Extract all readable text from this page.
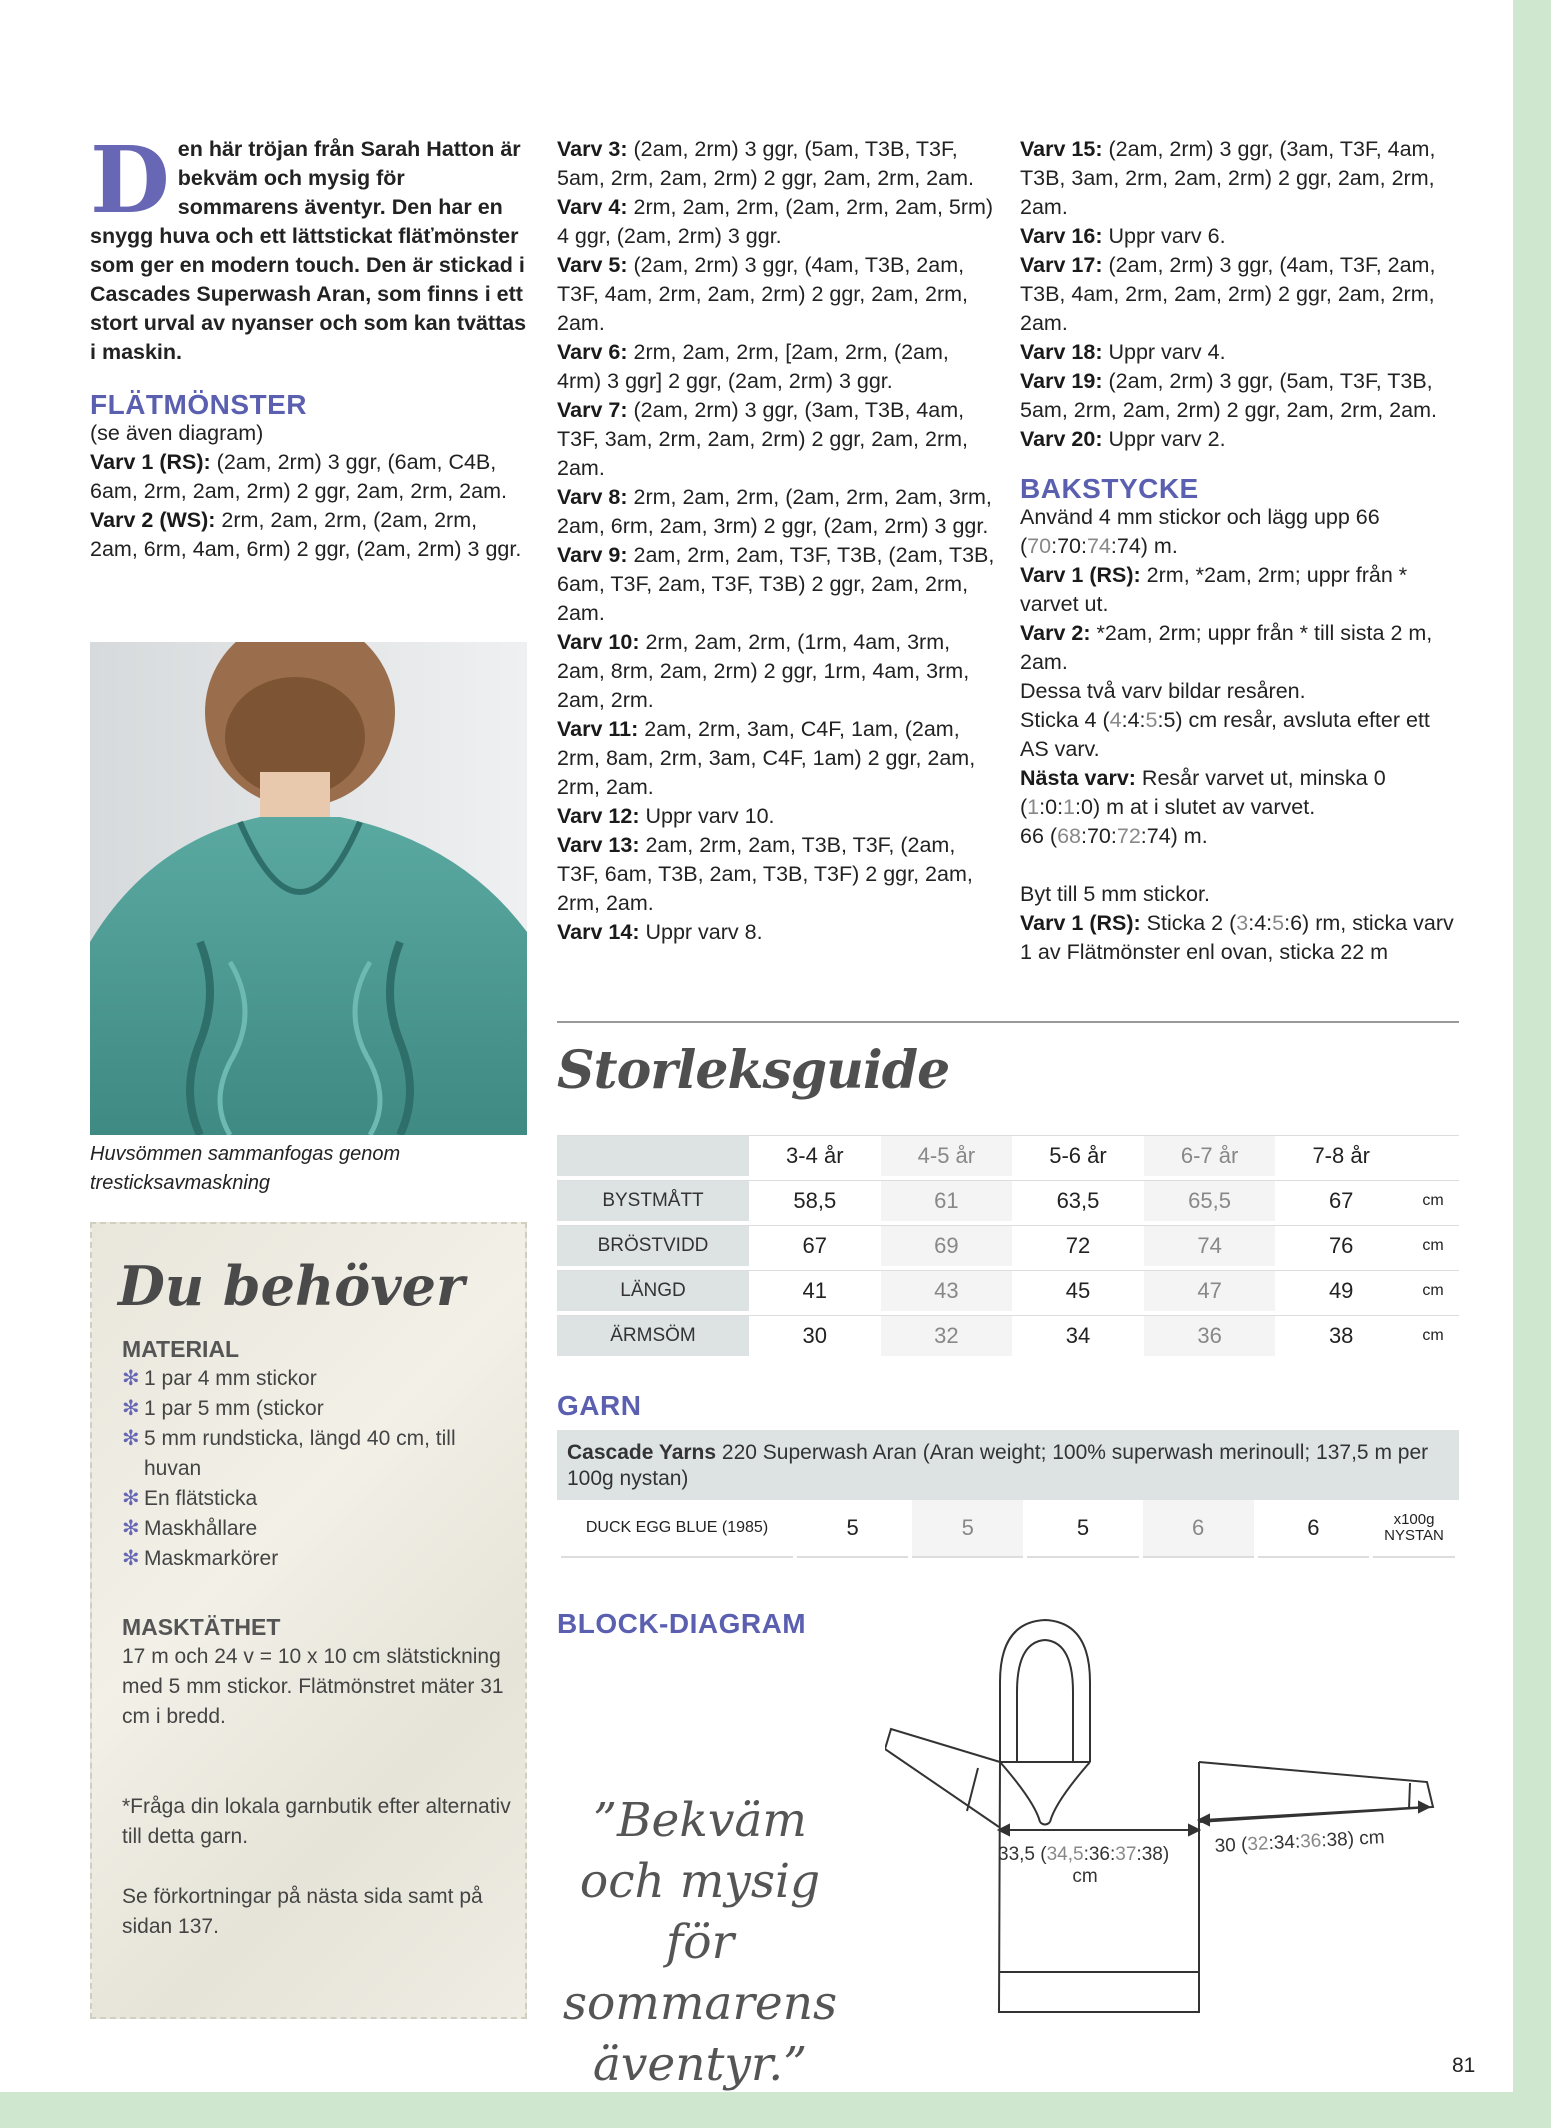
Den här tröjan från Sarah Hatton är bekväm och mysig för sommarens äventyr. Den har en snygg huva och ett lättstickat fläťmönster som ger en modern touch. Den är stickad i Cascades Superwash Aran, som finns i ett stort urval av nyanser och som kan tvättas i maskin.
FLÄTMÖNSTER
(se även diagram)
Varv 1 (RS): (2am, 2rm) 3 ggr, (6am, C4B, 6am, 2rm, 2am, 2rm) 2 ggr, 2am, 2rm, 2am.
Varv 2 (WS): 2rm, 2am, 2rm, (2am, 2rm, 2am, 6rm, 4am, 6rm) 2 ggr, (2am, 2rm) 3 ggr.
Huvsömmen sammanfogas genom tresticksavmaskning
Du behöver
MATERIAL
✻ 1 par 4 mm stickor
✻ 1 par 5 mm (stickor
✻ 5 mm rundsticka, längd 40 cm, till huvan
✻ En flätsticka
✻ Maskhållare
✻ Maskmarkörer
MASKTÄTHET
17 m och 24 v = 10 x 10 cm slätstickning med 5 mm stickor. Flätmönstret mäter 31 cm i bredd.
*Fråga din lokala garnbutik efter alternativ till detta garn.
Se förkortningar på nästa sida samt på sidan 137.
Varv 3: (2am, 2rm) 3 ggr, (5am, T3B, T3F, 5am, 2rm, 2am, 2rm) 2 ggr, 2am, 2rm, 2am.
Varv 4: 2rm, 2am, 2rm, (2am, 2rm, 2am, 5rm) 4 ggr, (2am, 2rm) 3 ggr.
Varv 5: (2am, 2rm) 3 ggr, (4am, T3B, 2am, T3F, 4am, 2rm, 2am, 2rm) 2 ggr, 2am, 2rm, 2am.
Varv 6: 2rm, 2am, 2rm, [2am, 2rm, (2am, 4rm) 3 ggr] 2 ggr, (2am, 2rm) 3 ggr.
Varv 7: (2am, 2rm) 3 ggr, (3am, T3B, 4am, T3F, 3am, 2rm, 2am, 2rm) 2 ggr, 2am, 2rm, 2am.
Varv 8: 2rm, 2am, 2rm, (2am, 2rm, 2am, 3rm, 2am, 6rm, 2am, 3rm) 2 ggr, (2am, 2rm) 3 ggr.
Varv 9: 2am, 2rm, 2am, T3F, T3B, (2am, T3B, 6am, T3F, 2am, T3F, T3B) 2 ggr, 2am, 2rm, 2am.
Varv 10: 2rm, 2am, 2rm, (1rm, 4am, 3rm, 2am, 8rm, 2am, 2rm) 2 ggr, 1rm, 4am, 3rm, 2am, 2rm.
Varv 11: 2am, 2rm, 3am, C4F, 1am, (2am, 2rm, 8am, 2rm, 3am, C4F, 1am) 2 ggr, 2am, 2rm, 2am.
Varv 12: Uppr varv 10.
Varv 13: 2am, 2rm, 2am, T3B, T3F, (2am, T3F, 6am, T3B, 2am, T3B, T3F) 2 ggr, 2am, 2rm, 2am.
Varv 14: Uppr varv 8.
Varv 15: (2am, 2rm) 3 ggr, (3am, T3F, 4am, T3B, 3am, 2rm, 2am, 2rm) 2 ggr, 2am, 2rm, 2am.
Varv 16: Uppr varv 6.
Varv 17: (2am, 2rm) 3 ggr, (4am, T3F, 2am, T3B, 4am, 2rm, 2am, 2rm) 2 ggr, 2am, 2rm, 2am.
Varv 18: Uppr varv 4.
Varv 19: (2am, 2rm) 3 ggr, (5am, T3F, T3B, 5am, 2rm, 2am, 2rm) 2 ggr, 2am, 2rm, 2am.
Varv 20: Uppr varv 2.
BAKSTYCKE
Använd 4 mm stickor och lägg upp 66 (70:70:74:74) m.
Varv 1 (RS): 2rm, *2am, 2rm; uppr från * varvet ut.
Varv 2: *2am, 2rm; uppr från * till sista 2 m, 2am.
Dessa två varv bildar resåren.
Sticka 4 (4:4:5:5) cm resår, avsluta efter ett AS varv.
Nästa varv: Resår varvet ut, minska 0 (1:0:1:0) m at i slutet av varvet.
66 (68:70:72:74) m.
Byt till 5 mm stickor.
Varv 1 (RS): Sticka 2 (3:4:5:6) rm, sticka varv 1 av Flätmönster enl ovan, sticka 22 m
Storleksguide
	3-4 år	4-5 år	5-6 år	6-7 år	7-8 år	
BYSTMÅTT	58,5	61	63,5	65,5	67	cm
BRÖSTVIDD	67	69	72	74	76	cm
LÄNGD	41	43	45	47	49	cm
ÄRMSÖM	30	32	34	36	38	cm
GARN
Cascade Yarns 220 Superwash Aran (Aran weight; 100% superwash merinoull; 137,5 m per 100g nystan)
DUCK EGG BLUE (1985)	5	5	5	6	6	x100g
NYSTAN
BLOCK-DIAGRAM
”Bekväm och mysig för sommarens äventyr.”
33,5 (34,5:36:37:38)
cm
30 (32:34:36:38) cm
81
